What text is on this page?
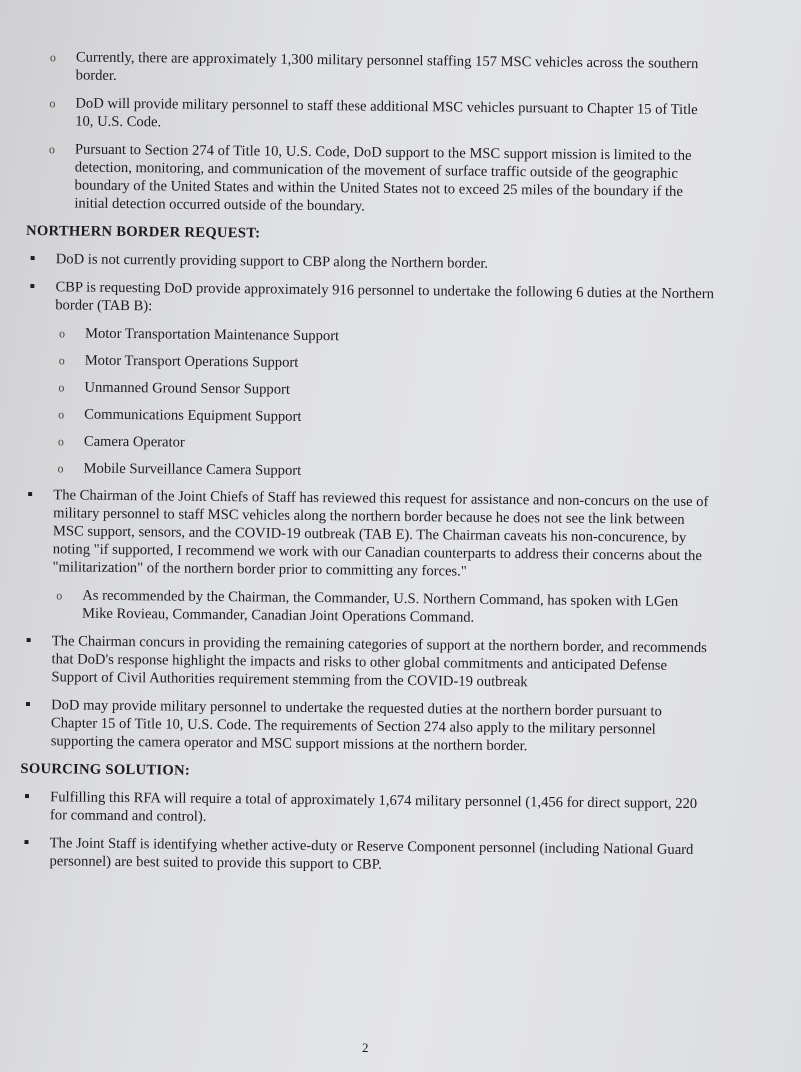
o Currently, there are approximately 1,300 military personnel staffing 157 MSC vehicles across the southern border.
o DoD will provide military personnel to staff these additional MSC vehicles pursuant to Chapter 15 of Title 10, U.S. Code.
o Pursuant to Section 274 of Title 10, U.S. Code, DoD support to the MSC support mission is limited to the detection, monitoring, and communication of the movement of surface traffic outside of the geographic boundary of the United States and within the United States not to exceed 25 miles of the boundary if the initial detection occurred outside of the boundary.
NORTHERN BORDER REQUEST:
▪ DoD is not currently providing support to CBP along the Northern border.
▪ CBP is requesting DoD provide approximately 916 personnel to undertake the following 6 duties at the Northern border (TAB B):
o Motor Transportation Maintenance Support
o Motor Transport Operations Support
o Unmanned Ground Sensor Support
o Communications Equipment Support
o Camera Operator
o Mobile Surveillance Camera Support
▪ The Chairman of the Joint Chiefs of Staff has reviewed this request for assistance and non-concurs on the use of military personnel to staff MSC vehicles along the northern border because he does not see the link between MSC support, sensors, and the COVID-19 outbreak (TAB E). The Chairman caveats his non-concurence, by noting "if supported, I recommend we work with our Canadian counterparts to address their concerns about the "militarization" of the northern border prior to committing any forces."
o As recommended by the Chairman, the Commander, U.S. Northern Command, has spoken with LGen Mike Rovieau, Commander, Canadian Joint Operations Command.
▪ The Chairman concurs in providing the remaining categories of support at the northern border, and recommends that DoD's response highlight the impacts and risks to other global commitments and anticipated Defense Support of Civil Authorities requirement stemming from the COVID-19 outbreak
▪ DoD may provide military personnel to undertake the requested duties at the northern border pursuant to Chapter 15 of Title 10, U.S. Code. The requirements of Section 274 also apply to the military personnel supporting the camera operator and MSC support missions at the northern border.
SOURCING SOLUTION:
▪ Fulfilling this RFA will require a total of approximately 1,674 military personnel (1,456 for direct support, 220 for command and control).
▪ The Joint Staff is identifying whether active-duty or Reserve Component personnel (including National Guard personnel) are best suited to provide this support to CBP.
2
